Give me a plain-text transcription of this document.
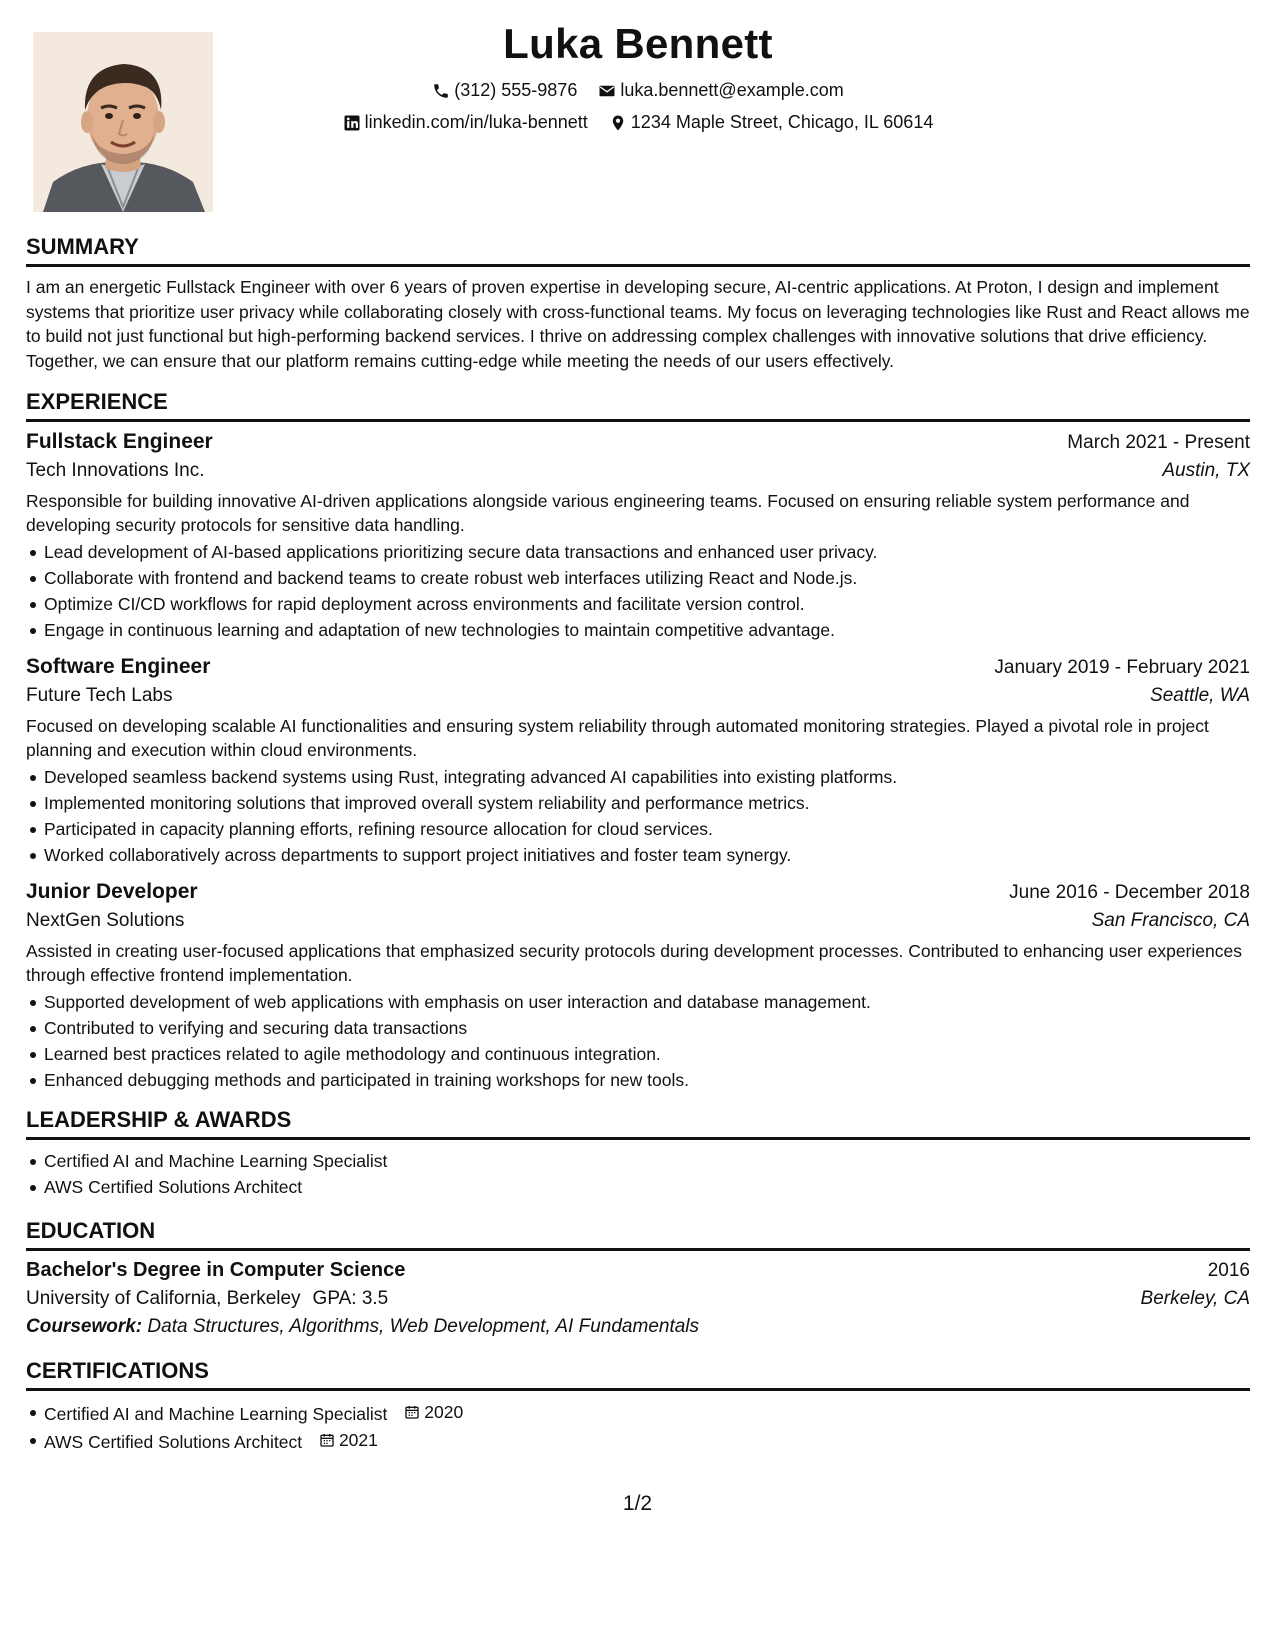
Luka Bennett
(312) 555-9876
luka.bennett@example.com
linkedin.com/in/luka-bennett
1234 Maple Street, Chicago, IL 60614
SUMMARY
I am an energetic Fullstack Engineer with over 6 years of proven expertise in developing secure, AI-centric applications. At Proton, I design and implement systems that prioritize user privacy while collaborating closely with cross-functional teams. My focus on leveraging technologies like Rust and React allows me to build not just functional but high-performing backend services. I thrive on addressing complex challenges with innovative solutions that drive efficiency. Together, we can ensure that our platform remains cutting-edge while meeting the needs of our users effectively.
EXPERIENCE
Fullstack Engineer	March 2021 - Present
Tech Innovations Inc.	Austin, TX
Responsible for building innovative AI-driven applications alongside various engineering teams. Focused on ensuring reliable system performance and developing security protocols for sensitive data handling.
Lead development of AI-based applications prioritizing secure data transactions and enhanced user privacy.
Collaborate with frontend and backend teams to create robust web interfaces utilizing React and Node.js.
Optimize CI/CD workflows for rapid deployment across environments and facilitate version control.
Engage in continuous learning and adaptation of new technologies to maintain competitive advantage.
Software Engineer	January 2019 - February 2021
Future Tech Labs	Seattle, WA
Focused on developing scalable AI functionalities and ensuring system reliability through automated monitoring strategies. Played a pivotal role in project planning and execution within cloud environments.
Developed seamless backend systems using Rust, integrating advanced AI capabilities into existing platforms.
Implemented monitoring solutions that improved overall system reliability and performance metrics.
Participated in capacity planning efforts, refining resource allocation for cloud services.
Worked collaboratively across departments to support project initiatives and foster team synergy.
Junior Developer	June 2016 - December 2018
NextGen Solutions	San Francisco, CA
Assisted in creating user-focused applications that emphasized security protocols during development processes. Contributed to enhancing user experiences through effective frontend implementation.
Supported development of web applications with emphasis on user interaction and database management.
Contributed to verifying and securing data transactions
Learned best practices related to agile methodology and continuous integration.
Enhanced debugging methods and participated in training workshops for new tools.
LEADERSHIP & AWARDS
Certified AI and Machine Learning Specialist
AWS Certified Solutions Architect
EDUCATION
Bachelor's Degree in Computer Science	2016
University of California, Berkeley GPA: 3.5	Berkeley, CA
Coursework: Data Structures, Algorithms, Web Development, AI Fundamentals
CERTIFICATIONS
Certified AI and Machine Learning Specialist 2020
AWS Certified Solutions Architect 2021
1/2
